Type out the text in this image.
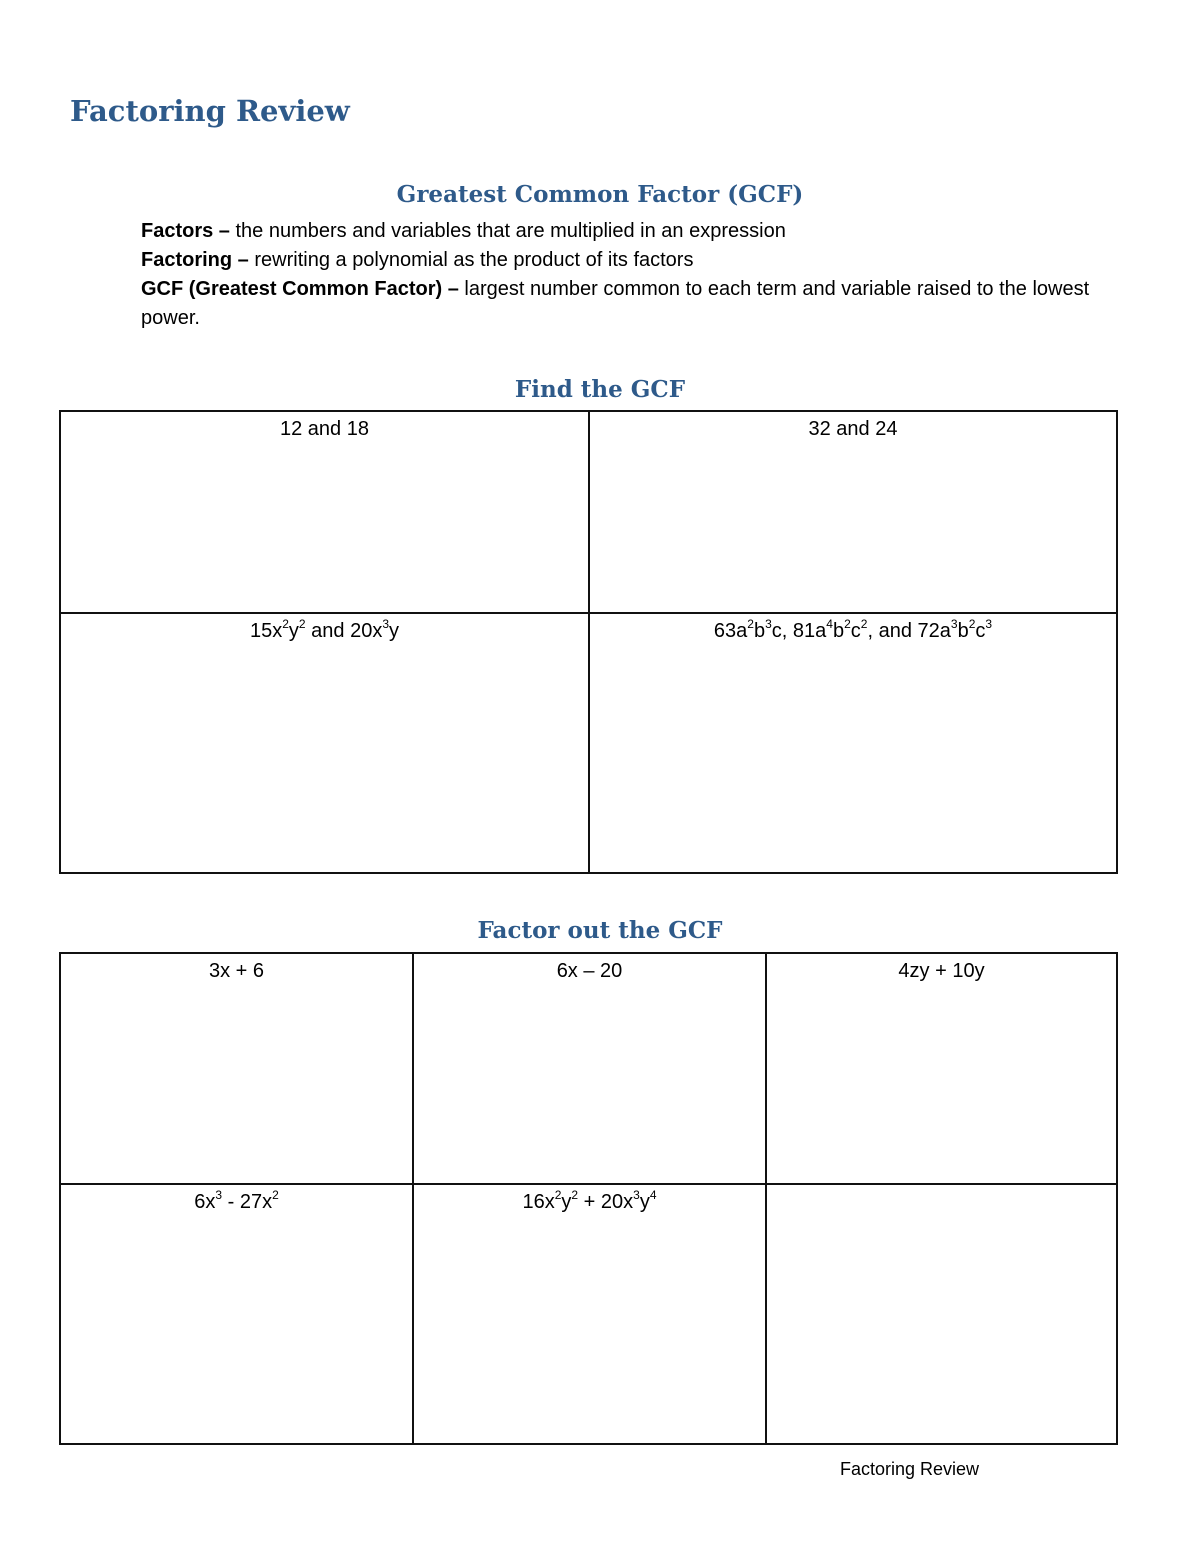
Factoring Review
Greatest Common Factor (GCF)

Factors – the numbers and variables that are multiplied in an expression

Factoring – rewriting a polynomial as the product of its factors

GCF (Greatest Common Factor) – largest number common to each term and variable raised to the lowest power.

Find the GCF
12 and 18	32 and 24
$15x^2y^2$ and $20x^3y$	$63a^2b^3c$, $81a^4b^2c^2$, and $72a^3b^2c^3$
Factor out the GCF
3x + 6	6x – 20	4zy + 10y
$6x^3 - 27x^2$	$16x^2y^2 + 20x^3y^4$	
Factoring Review
